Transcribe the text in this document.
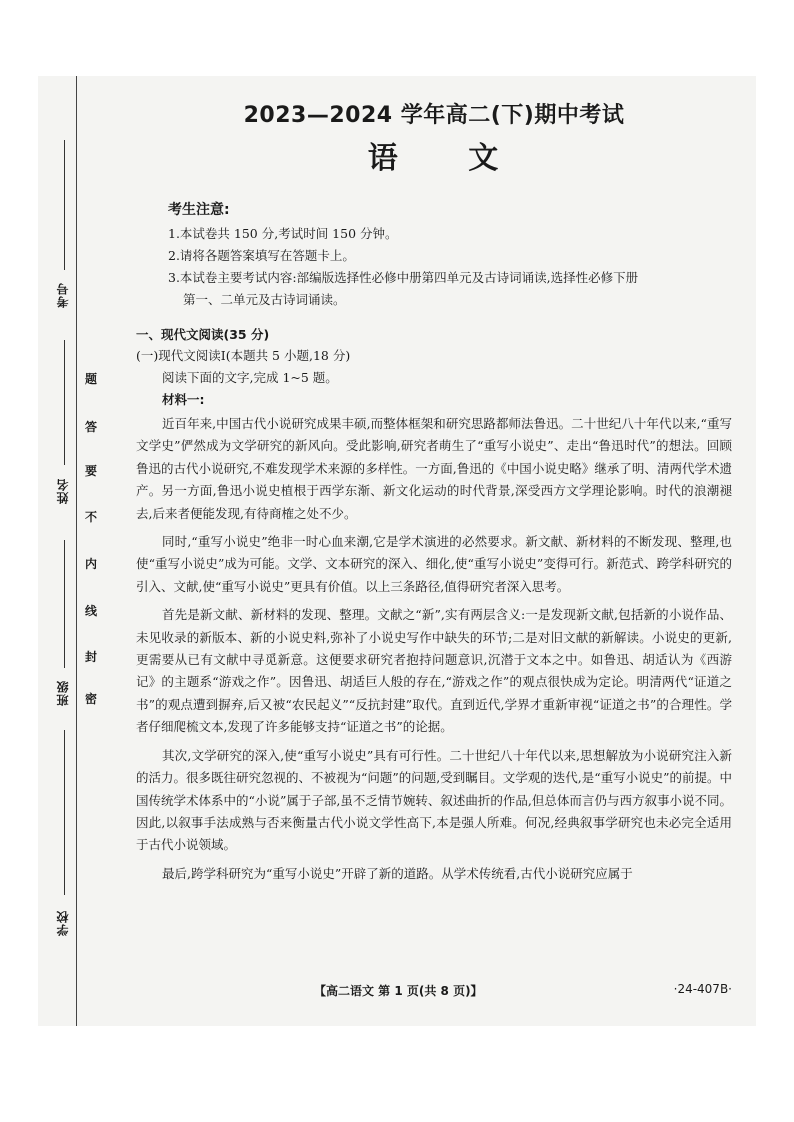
考号
姓名
班级
学校
题
答
要
不
内
线
封
密
2023—2024 学年高二(下)期中考试
语 文
考生注意:
1.本试卷共 150 分,考试时间 150 分钟。
2.请将各题答案填写在答题卡上。
3.本试卷主要考试内容:部编版选择性必修中册第四单元及古诗词诵读,选择性必修下册
第一、二单元及古诗词诵读。
一、现代文阅读(35 分)
(一)现代文阅读Ⅰ(本题共 5 小题,18 分)
阅读下面的文字,完成 1~5 题。
材料一:

近百年来,中国古代小说研究成果丰硕,而整体框架和研究思路都师法鲁迅。二十世纪八十年代以来,“重写文学史”俨然成为文学研究的新风向。受此影响,研究者萌生了“重写小说史”、走出“鲁迅时代”的想法。回顾鲁迅的古代小说研究,不难发现学术来源的多样性。一方面,鲁迅的《中国小说史略》继承了明、清两代学术遗产。另一方面,鲁迅小说史植根于西学东渐、新文化运动的时代背景,深受西方文学理论影响。时代的浪潮褪去,后来者便能发现,有待商榷之处不少。

同时,“重写小说史”绝非一时心血来潮,它是学术演进的必然要求。新文献、新材料的不断发现、整理,也使“重写小说史”成为可能。文学、文本研究的深入、细化,使“重写小说史”变得可行。新范式、跨学科研究的引入、文献,使“重写小说史”更具有价值。以上三条路径,值得研究者深入思考。

首先是新文献、新材料的发现、整理。文献之“新”,实有两层含义:一是发现新文献,包括新的小说作品、未见收录的新版本、新的小说史料,弥补了小说史写作中缺失的环节;二是对旧文献的新解读。小说史的更新,更需要从已有文献中寻觅新意。这便要求研究者抱持问题意识,沉潜于文本之中。如鲁迅、胡适认为《西游记》的主题系“游戏之作”。因鲁迅、胡适巨人般的存在,“游戏之作”的观点很快成为定论。明清两代“证道之书”的观点遭到摒弃,后又被“农民起义”“反抗封建”取代。直到近代,学界才重新审视“证道之书”的合理性。学者仔细爬梳文本,发现了许多能够支持“证道之书”的论据。

其次,文学研究的深入,使“重写小说史”具有可行性。二十世纪八十年代以来,思想解放为小说研究注入新的活力。很多既往研究忽视的、不被视为“问题”的问题,受到瞩目。文学观的迭代,是“重写小说史”的前提。中国传统学术体系中的“小说”属于子部,虽不乏情节婉转、叙述曲折的作品,但总体而言仍与西方叙事小说不同。因此,以叙事手法成熟与否来衡量古代小说文学性高下,本是强人所难。何况,经典叙事学研究也未必完全适用于古代小说领域。

最后,跨学科研究为“重写小说史”开辟了新的道路。从学术传统看,古代小说研究应属于

【高二语文 第 1 页(共 8 页)】	·24-407B·
